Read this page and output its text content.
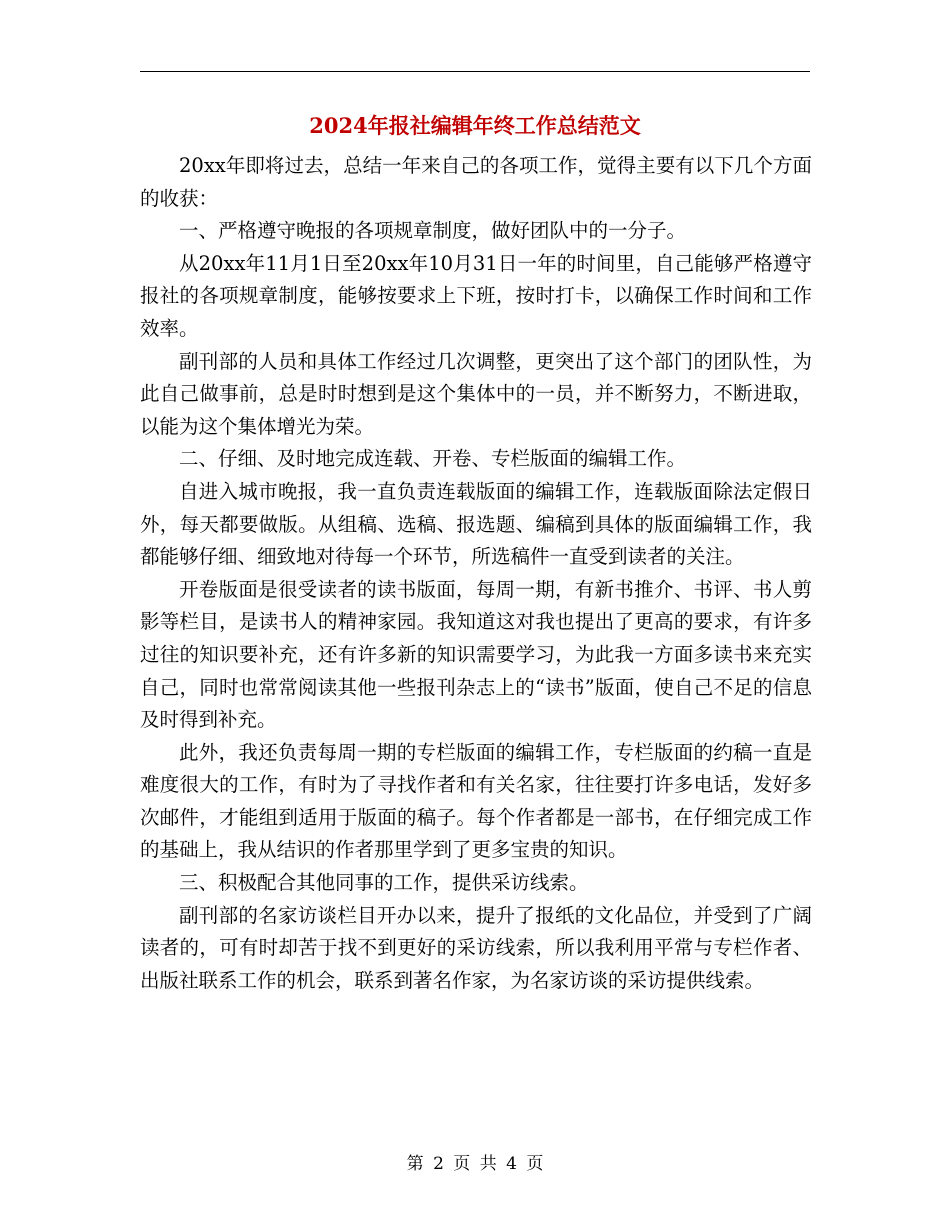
2024年报社编辑年终工作总结范文

20xx年即将过去，总结一年来自己的各项工作，觉得主要有以下几个方面的收获：

一、严格遵守晚报的各项规章制度，做好团队中的一分子。

从20xx年11月1日至20xx年10月31日一年的时间里，自己能够严格遵守报社的各项规章制度，能够按要求上下班，按时打卡，以确保工作时间和工作效率。

副刊部的人员和具体工作经过几次调整，更突出了这个部门的团队性，为此自己做事前，总是时时想到是这个集体中的一员，并不断努力，不断进取，以能为这个集体增光为荣。

二、仔细、及时地完成连载、开卷、专栏版面的编辑工作。

自进入城市晚报，我一直负责连载版面的编辑工作，连载版面除法定假日外，每天都要做版。从组稿、选稿、报选题、编稿到具体的版面编辑工作，我都能够仔细、细致地对待每一个环节，所选稿件一直受到读者的关注。

开卷版面是很受读者的读书版面，每周一期，有新书推介、书评、书人剪影等栏目，是读书人的精神家园。我知道这对我也提出了更高的要求，有许多过往的知识要补充，还有许多新的知识需要学习，为此我一方面多读书来充实自己，同时也常常阅读其他一些报刊杂志上的“读书”版面，使自己不足的信息及时得到补充。

此外，我还负责每周一期的专栏版面的编辑工作，专栏版面的约稿一直是难度很大的工作，有时为了寻找作者和有关名家，往往要打许多电话，发好多次邮件，才能组到适用于版面的稿子。每个作者都是一部书，在仔细完成工作的基础上，我从结识的作者那里学到了更多宝贵的知识。

三、积极配合其他同事的工作，提供采访线索。

副刊部的名家访谈栏目开办以来，提升了报纸的文化品位，并受到了广阔读者的，可有时却苦于找不到更好的采访线索，所以我利用平常与专栏作者、出版社联系工作的机会，联系到著名作家，为名家访谈的采访提供线索。

第 2 页 共 4 页
